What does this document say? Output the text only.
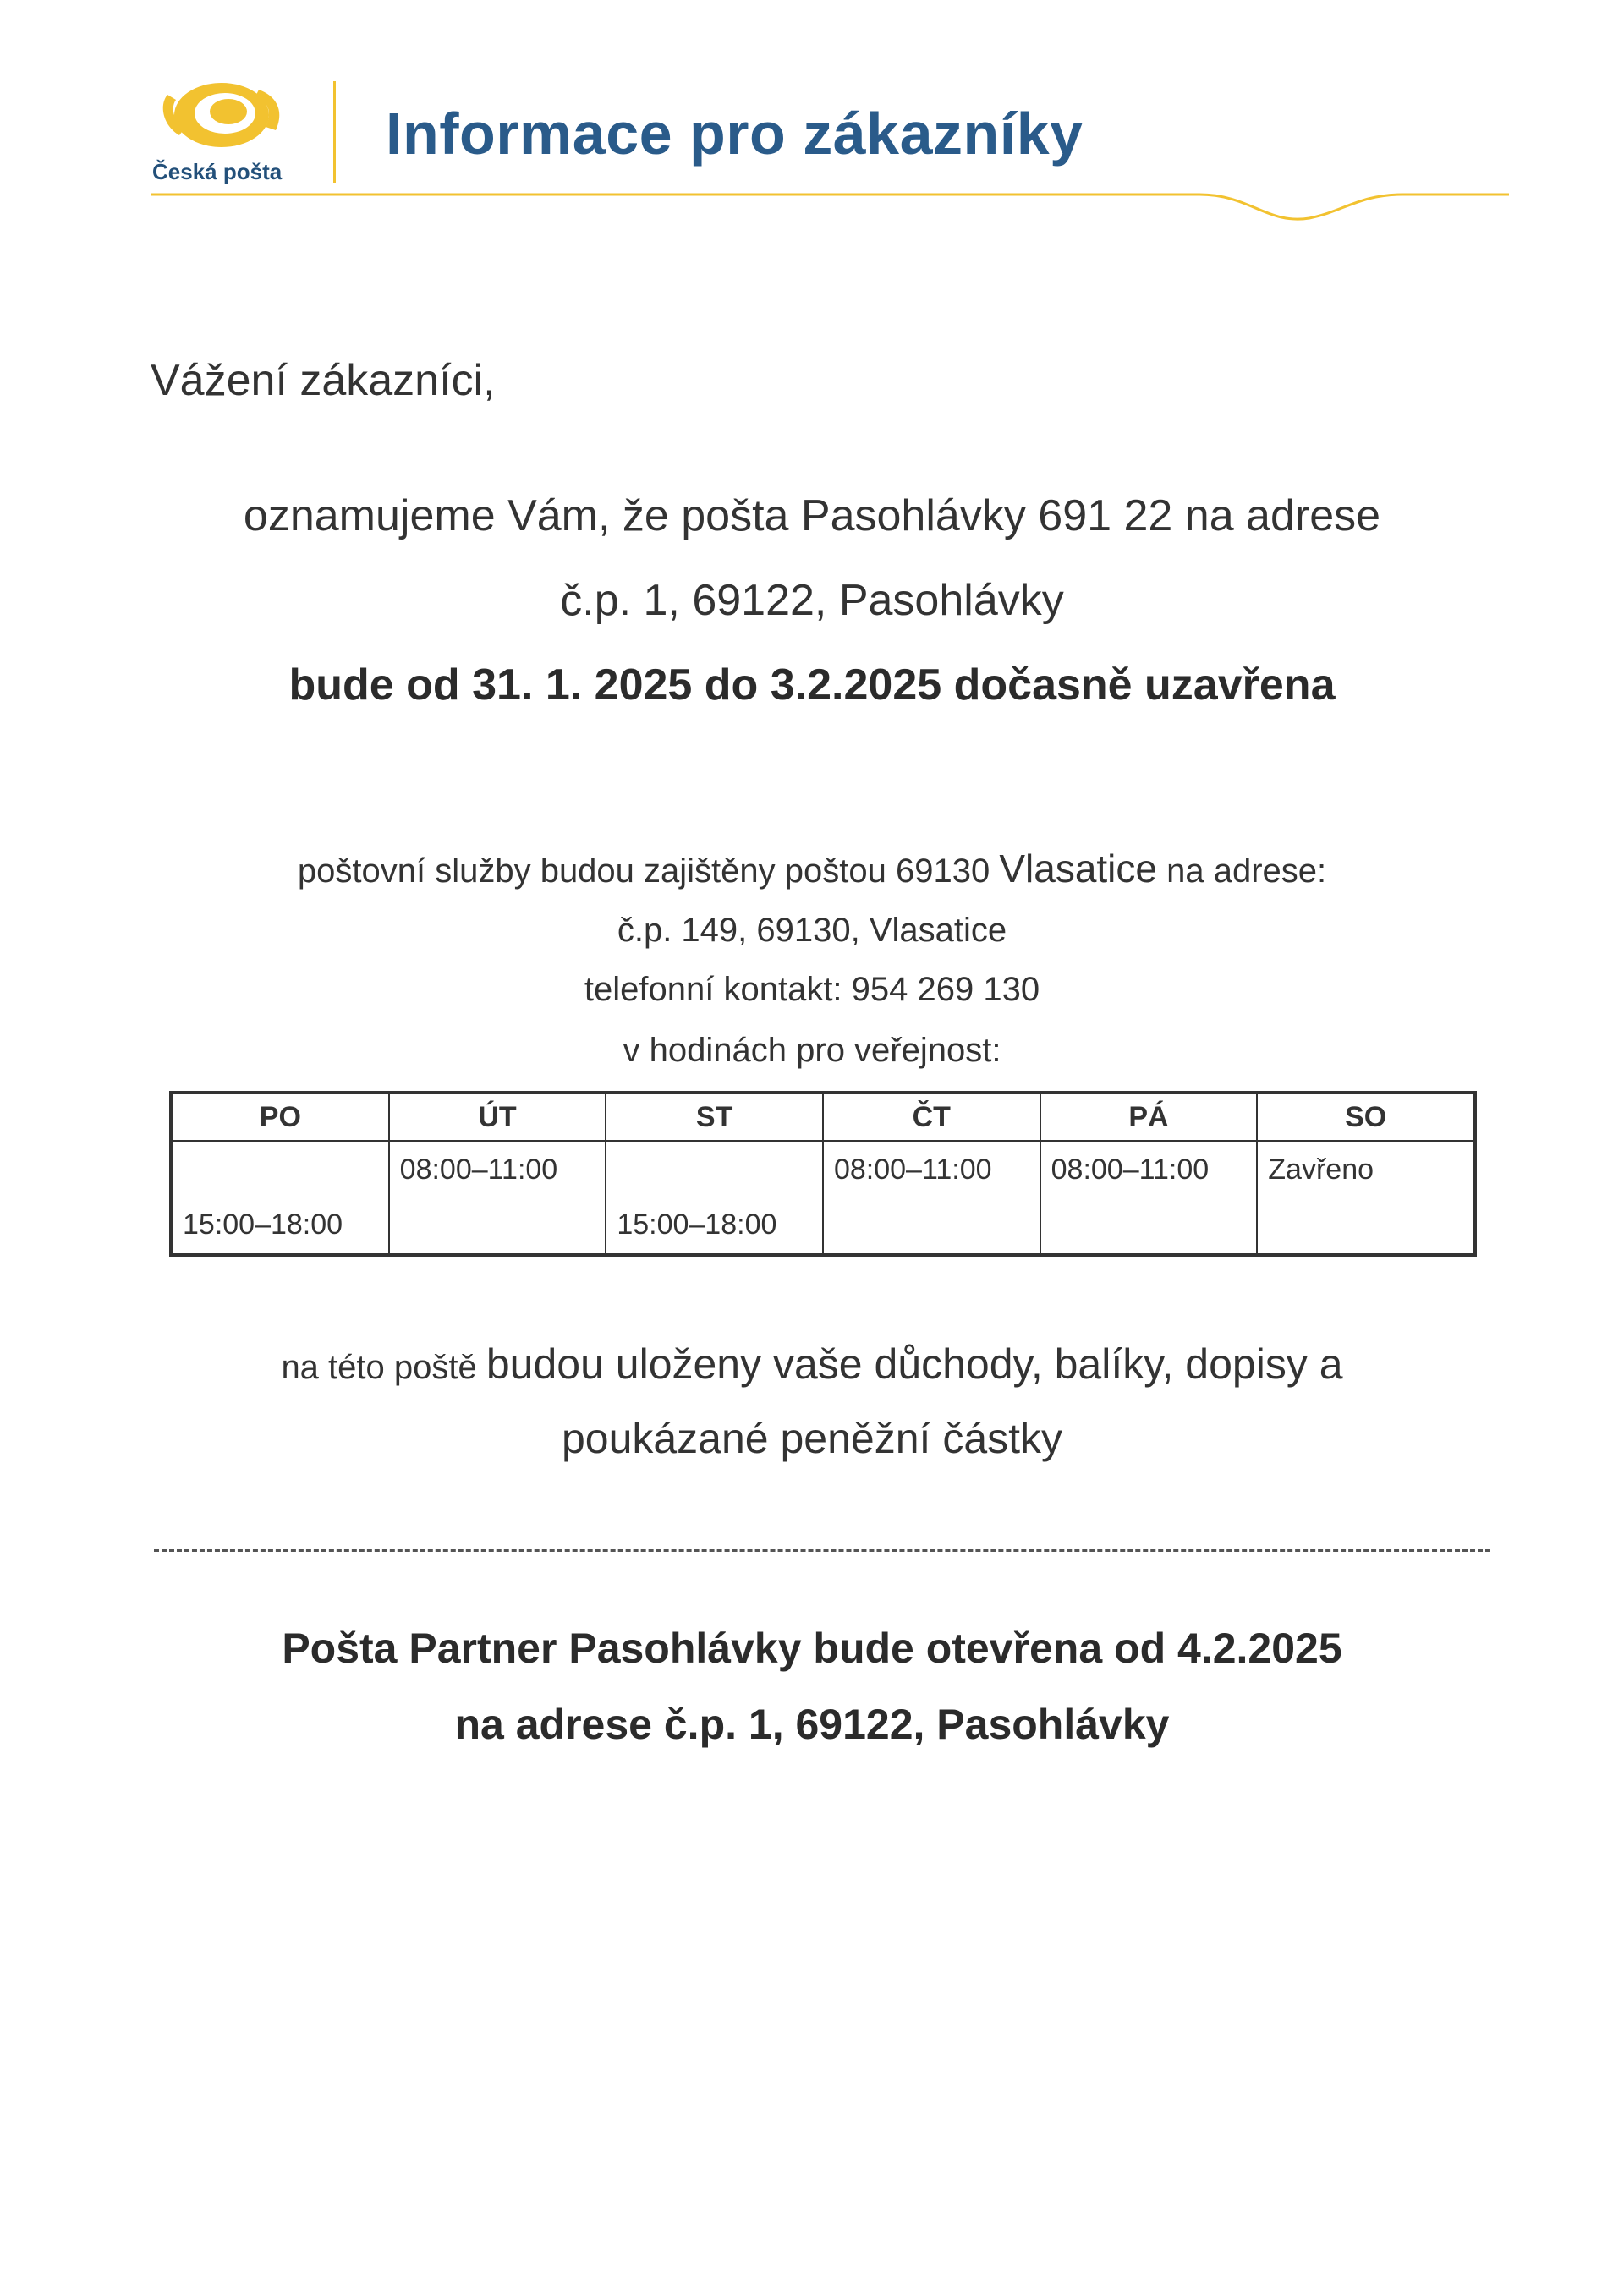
Česká pošta
Informace pro zákazníky
Vážení zákazníci,
oznamujeme Vám, že pošta Pasohlávky 691 22 na adrese
č.p. 1, 69122, Pasohlávky
bude od 31. 1. 2025 do 3.2.2025 dočasně uzavřena
poštovní služby budou zajištěny poštou 69130 Vlasatice na adrese:
č.p. 149, 69130, Vlasatice
telefonní kontakt: 954 269 130
v hodinách pro veřejnost:
PO	ÚT	ST	ČT	PÁ	SO

15:00–18:00	08:00–11:00	15:00–18:00	08:00–11:00	08:00–11:00	Zavřeno
na této poště budou uloženy vaše důchody, balíky, dopisy a
poukázané peněžní částky
Pošta Partner Pasohlávky bude otevřena od 4.2.2025
na adrese č.p. 1, 69122, Pasohlávky
